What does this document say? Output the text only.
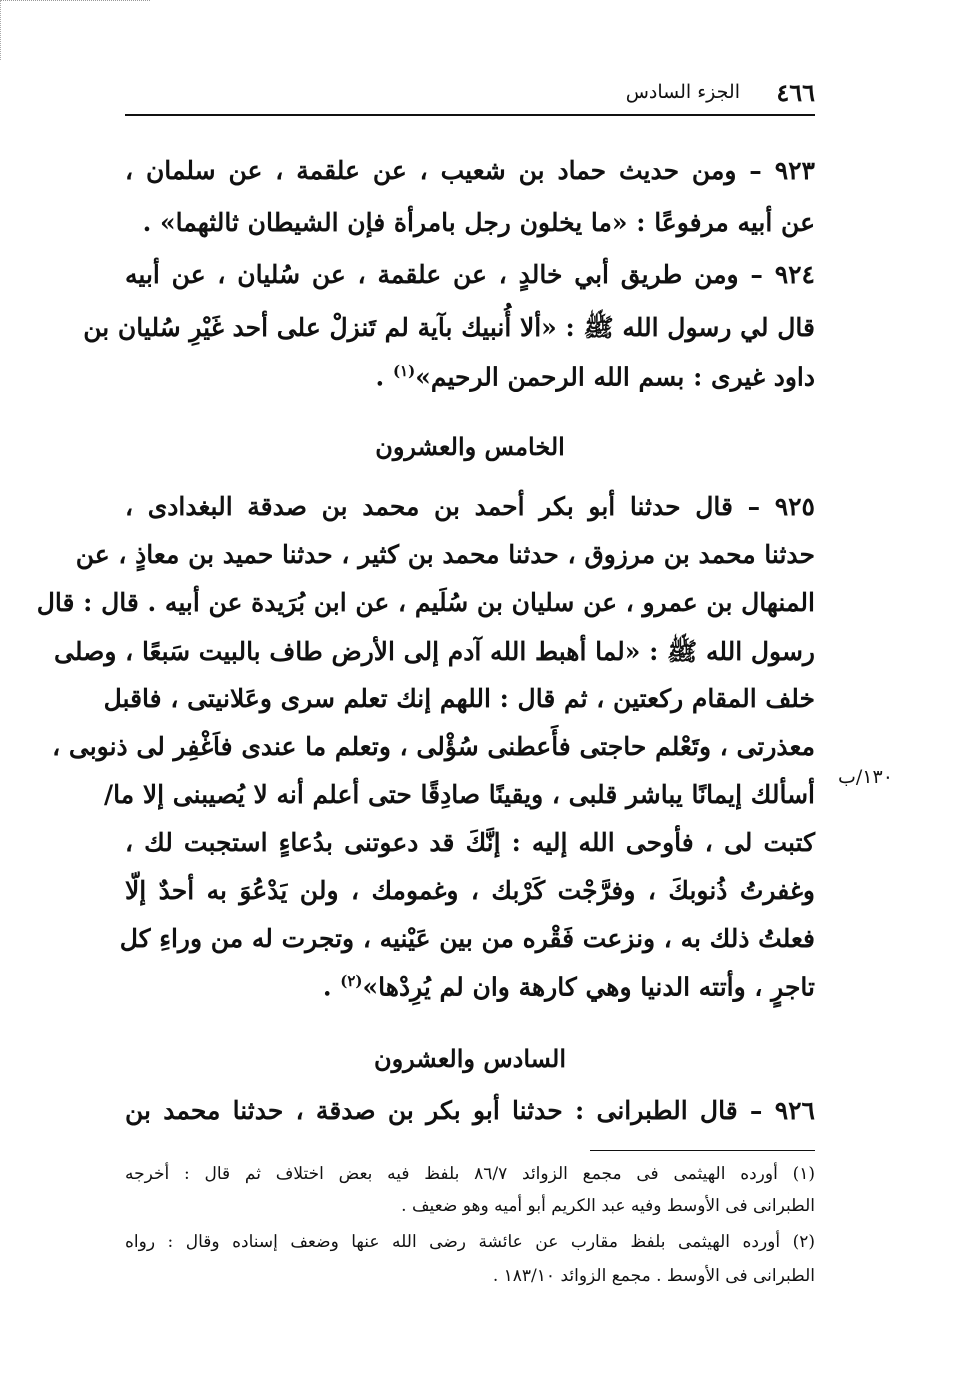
٤٦٦
الجزء السادس
٩٢٣ – ومن حديث حماد بن شعيب ، عن علقمة ، عن سلمان ،
عن أبيه مرفوعًا : «ما يخلون رجل بامرأة فإن الشيطان ثالثهما» .
٩٢٤ – ومن طريق أبي خالدٍ ، عن علقمة ، عن سُليان ، عن أبيه
قال لي رسول الله ﷺ : «ألا أُنبيك بآية لم تَنزلْ على أحد غَيْرِ سُليان بن
داود غيرى : بسم الله الرحمن الرحيم»$^{(١)}$ .
الخامس والعشرون
٩٢٥ – قال حدثنا أبو بكر أحمد بن محمد بن صدقة البغدادى ،
حدثنا محمد بن مرزوق ، حدثنا محمد بن كثير ، حدثنا حميد بن معاذٍ ، عن
المنهال بن عمرو ، عن سليان بن سُلَيم ، عن ابن بُرَيدة عن أبيه . قال : قال
رسول الله ﷺ : «لما أهبط الله آدم إلى الأرض طاف بالبيت سَبعًا ، وصلى
خلف المقام ركعتين ، ثم قال : اللهم إنك تعلم سرى وعَلانيتى ، فاقبل
معذرتى ، وتَعْلم حاجتى فأَعطنى سُؤْلى ، وتعلم ما عندى فاَغْفِر لى ذنوبى ،
أسألك إيمانًا يباشر قلبى ، ويقينًا صادِقًا حتى أعلم أنه لا يُصيبنى إلا ما/
١٣٠/ب
كتبت لى ، فأوحى الله إليه : إنَّكَ قد دعوتنى بدُعاءٍ استجبت لك ،
وغفرتُ ذُنوبكَ ، وفرَّجْت كَرْبك ، وغمومك ، ولن يَدْعُوَ به أحدٌ إلّا
فعلتُ ذلك به ، ونزعت فَقْره من بين عَيْنيه ، وتجرت له من وراءِ كل
تاجرٍ ، وأتته الدنيا وهي كارهة وان لم يُرِدْها»$^{(٢)}$ .
السادس والعشرون
٩٢٦ – قال الطبرانى : حدثنا أبو بكر بن صدقة ، حدثنا محمد بن
(١) أورده الهيثمى فى مجمع الزوائد ٨٦/٧ بلفظ فيه بعض اختلاف ثم قال : أخرجه
الطبرانى فى الأوسط وفيه عبد الكريم أبو أميه وهو ضعيف .
(٢) أورده الهيثمى بلفظ مقارب عن عائشة رضى الله عنها وضعف إسناده وقال : رواه
الطبرانى فى الأوسط . مجمع الزوائد ١٨٣/١٠ .
